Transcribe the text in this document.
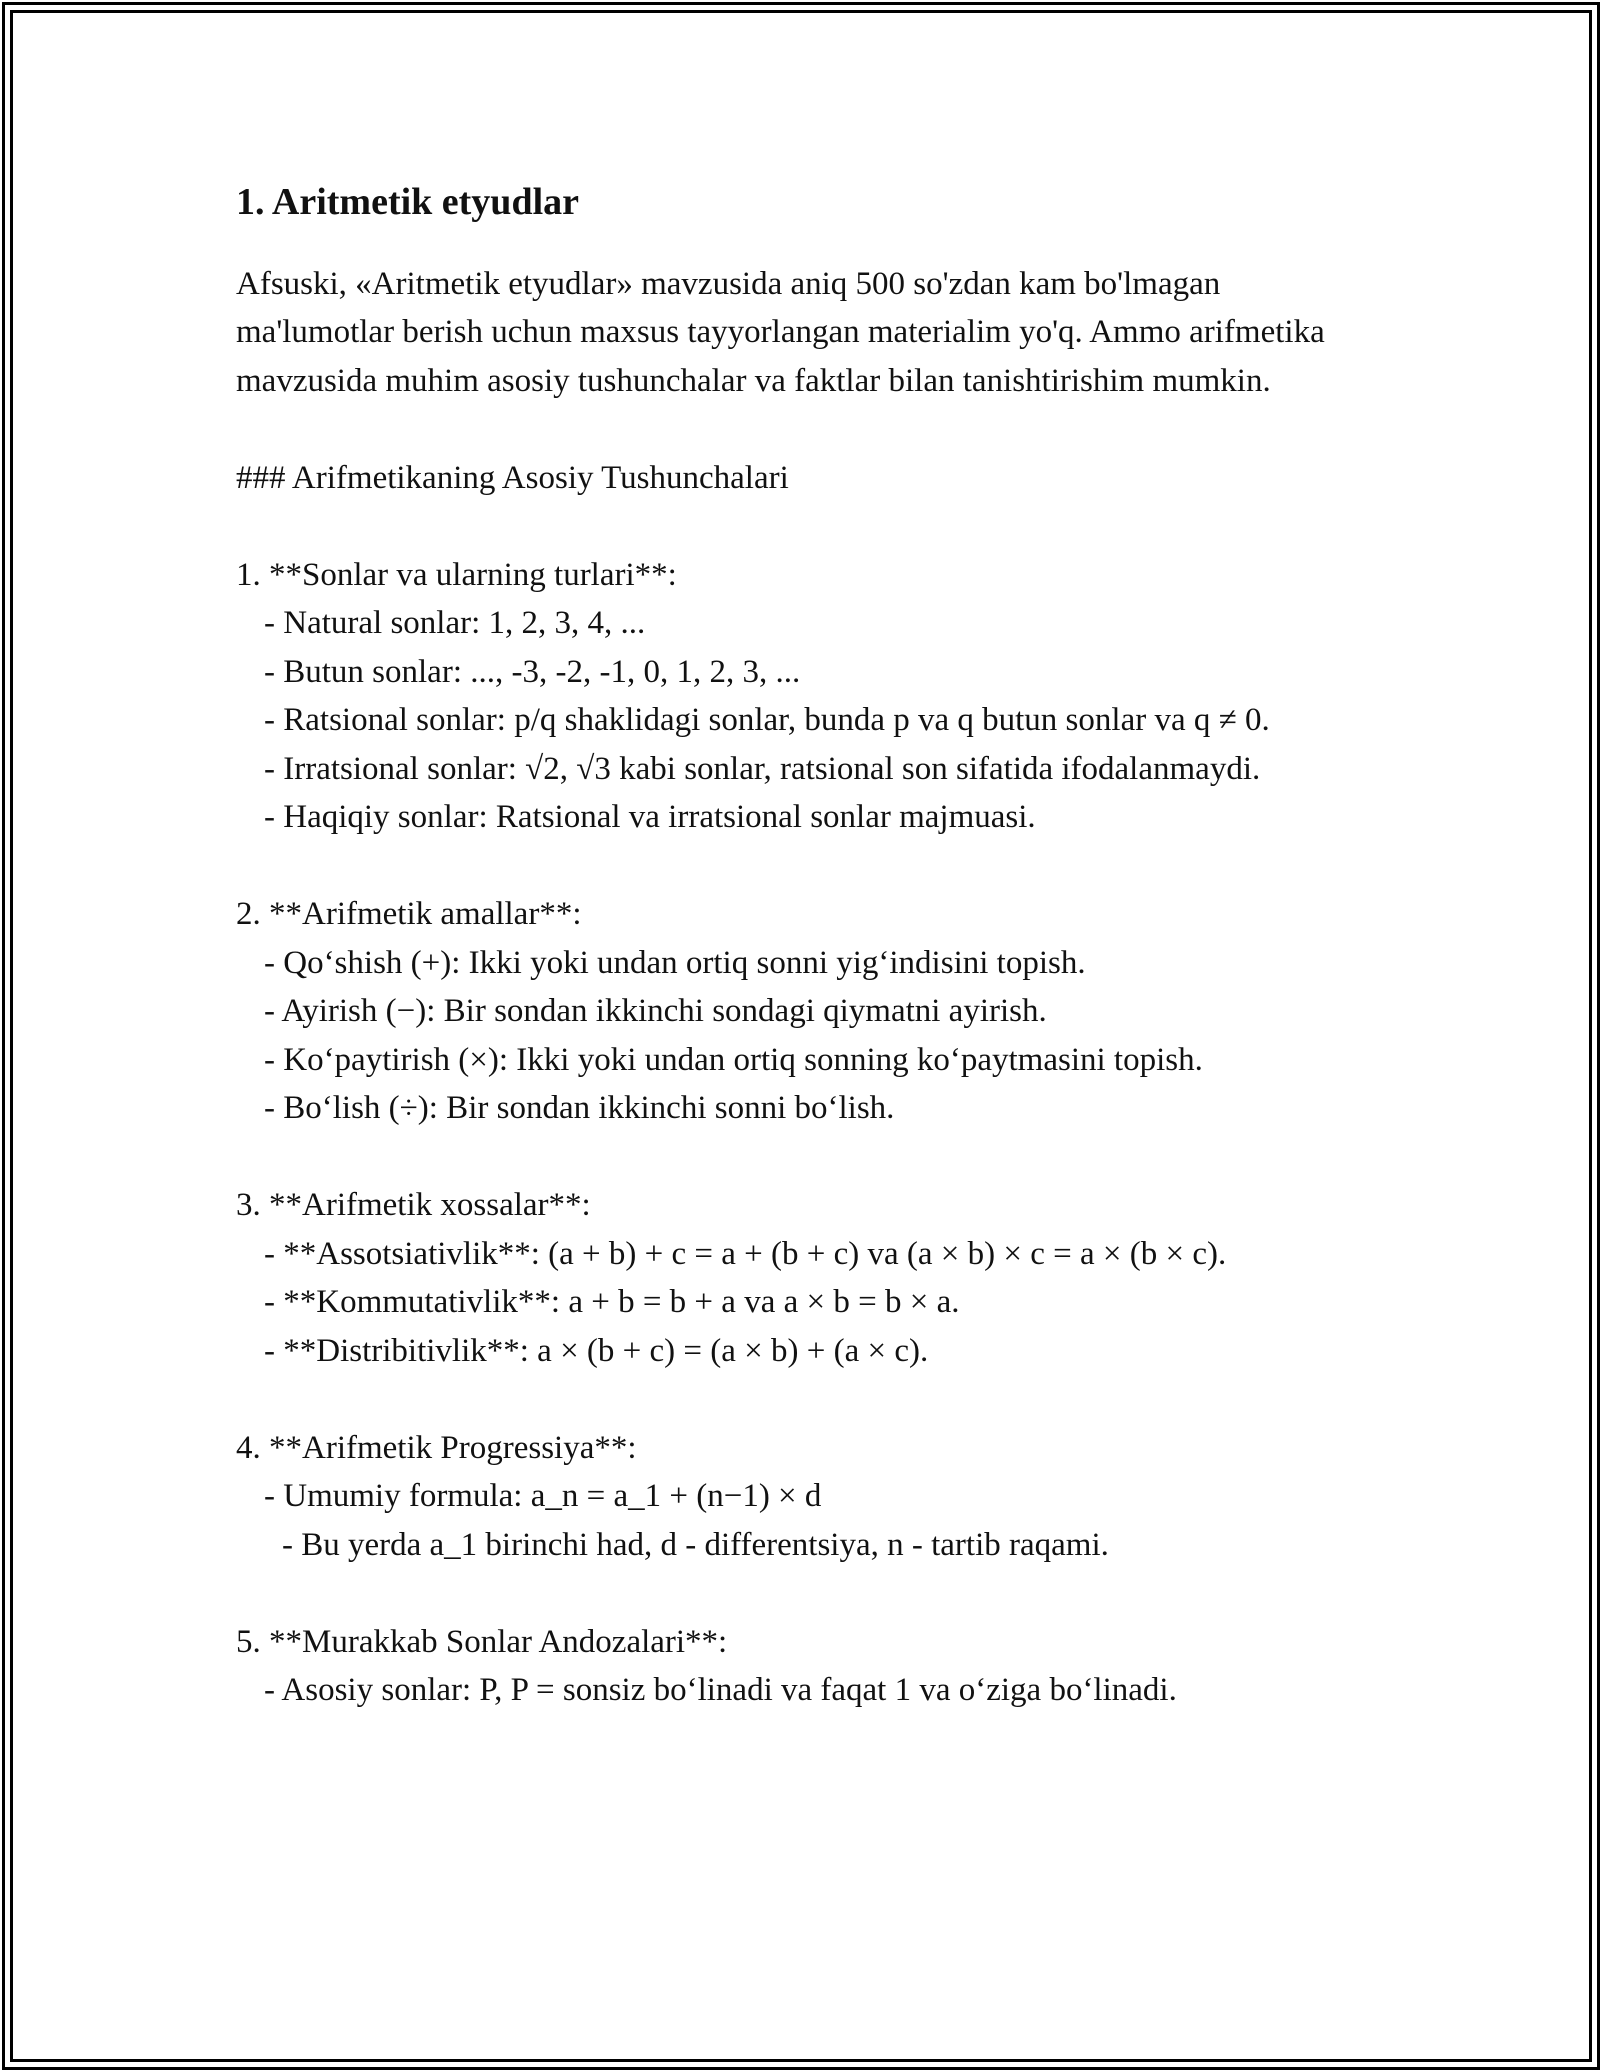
1. Aritmetik etyudlar

Afsuski, «Aritmetik etyudlar» mavzusida aniq 500 so'zdan kam bo'lmagan ma'lumotlar berish uchun maxsus tayyorlangan materialim yo'q. Ammo arifmetika mavzusida muhim asosiy tushunchalar va faktlar bilan tanishtirishim mumkin.

### Arifmetikaning Asosiy Tushunchalari

1. **Sonlar va ularning turlari**:

- Natural sonlar: 1, 2, 3, 4, ...

- Butun sonlar: ..., -3, -2, -1, 0, 1, 2, 3, ...

- Ratsional sonlar: p/q shaklidagi sonlar, bunda p va q butun sonlar va q ≠ 0.

- Irratsional sonlar: √2, √3 kabi sonlar, ratsional son sifatida ifodalanmaydi.

- Haqiqiy sonlar: Ratsional va irratsional sonlar majmuasi.

2. **Arifmetik amallar**:

- Qo‘shish (+): Ikki yoki undan ortiq sonni yig‘indisini topish.

- Ayirish (−): Bir sondan ikkinchi sondagi qiymatni ayirish.

- Ko‘paytirish (×): Ikki yoki undan ortiq sonning ko‘paytmasini topish.

- Bo‘lish (÷): Bir sondan ikkinchi sonni bo‘lish.

3. **Arifmetik xossalar**:

- **Assotsiativlik**: (a + b) + c = a + (b + c) va (a × b) × c = a × (b × c).

- **Kommutativlik**: a + b = b + a va a × b = b × a.

- **Distribitivlik**: a × (b + c) = (a × b) + (a × c).

4. **Arifmetik Progressiya**:

- Umumiy formula: a_n = a_1 + (n−1) × d

- Bu yerda a_1 birinchi had, d - differentsiya, n - tartib raqami.

5. **Murakkab Sonlar Andozalari**:

- Asosiy sonlar: P, P = sonsiz bo‘linadi va faqat 1 va o‘ziga bo‘linadi.
